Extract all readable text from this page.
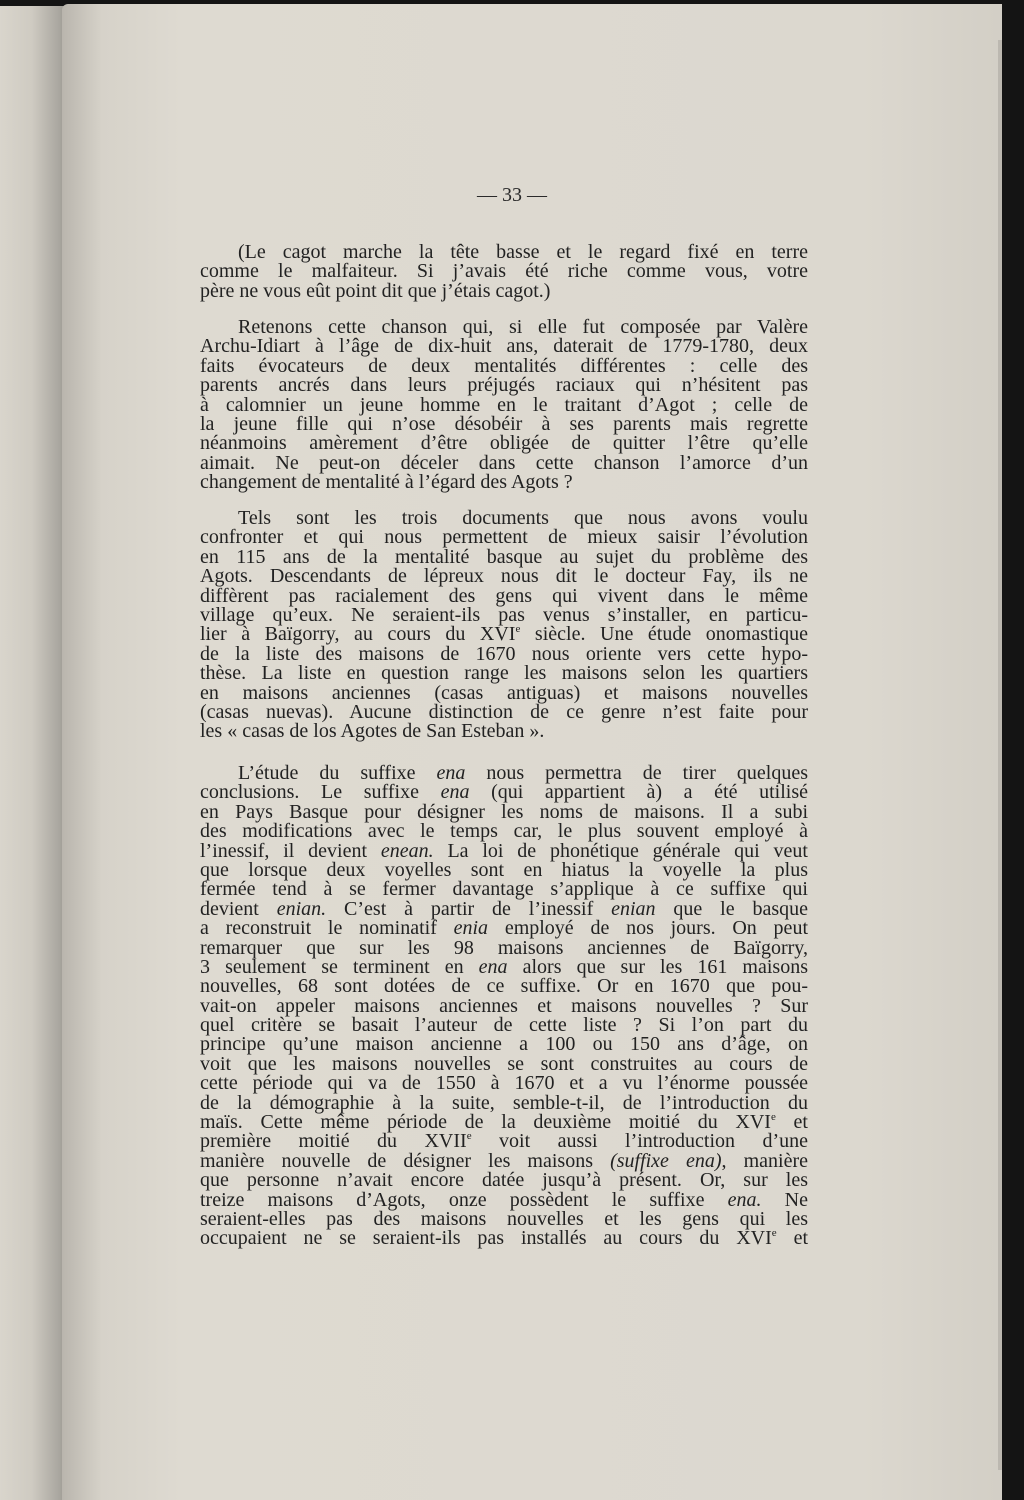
— 33 —
(Le cagot marche la tête basse et le regard fixé en terre
comme le malfaiteur. Si j’avais été riche comme vous, votre
père ne vous eût point dit que j’étais cagot.)
Retenons cette chanson qui, si elle fut composée par Valère
Archu-Idiart à l’âge de dix-huit ans, daterait de 1779-1780, deux
faits évocateurs de deux mentalités différentes : celle des
parents ancrés dans leurs préjugés raciaux qui n’hésitent pas
à calomnier un jeune homme en le traitant d’Agot ; celle de
la jeune fille qui n’ose désobéir à ses parents mais regrette
néanmoins amèrement d’être obligée de quitter l’être qu’elle
aimait. Ne peut-on déceler dans cette chanson l’amorce d’un
changement de mentalité à l’égard des Agots ?
Tels sont les trois documents que nous avons voulu
confronter et qui nous permettent de mieux saisir l’évolution
en 115 ans de la mentalité basque au sujet du problème des
Agots. Descendants de lépreux nous dit le docteur Fay, ils ne
diffèrent pas racialement des gens qui vivent dans le même
village qu’eux. Ne seraient-ils pas venus s’installer, en particu-
lier à Baïgorry, au cours du XVIe siècle. Une étude onomastique
de la liste des maisons de 1670 nous oriente vers cette hypo-
thèse. La liste en question range les maisons selon les quartiers
en maisons anciennes (casas antiguas) et maisons nouvelles
(casas nuevas). Aucune distinction de ce genre n’est faite pour
les « casas de los Agotes de San Esteban ».
L’étude du suffixe ena nous permettra de tirer quelques
conclusions. Le suffixe ena (qui appartient à) a été utilisé
en Pays Basque pour désigner les noms de maisons. Il a subi
des modifications avec le temps car, le plus souvent employé à
l’inessif, il devient enean. La loi de phonétique générale qui veut
que lorsque deux voyelles sont en hiatus la voyelle la plus
fermée tend à se fermer davantage s’applique à ce suffixe qui
devient enian. C’est à partir de l’inessif enian que le basque
a reconstruit le nominatif enia employé de nos jours. On peut
remarquer que sur les 98 maisons anciennes de Baïgorry,
3 seulement se terminent en ena alors que sur les 161 maisons
nouvelles, 68 sont dotées de ce suffixe. Or en 1670 que pou-
vait-on appeler maisons anciennes et maisons nouvelles ? Sur
quel critère se basait l’auteur de cette liste ? Si l’on part du
principe qu’une maison ancienne a 100 ou 150 ans d’âge, on
voit que les maisons nouvelles se sont construites au cours de
cette période qui va de 1550 à 1670 et a vu l’énorme poussée
de la démographie à la suite, semble-t-il, de l’introduction du
maïs. Cette même période de la deuxième moitié du XVIe et
première moitié du XVIIe voit aussi l’introduction d’une
manière nouvelle de désigner les maisons (suffixe ena), manière
que personne n’avait encore datée jusqu’à présent. Or, sur les
treize maisons d’Agots, onze possèdent le suffixe ena. Ne
seraient-elles pas des maisons nouvelles et les gens qui les
occupaient ne se seraient-ils pas installés au cours du XVIe et
